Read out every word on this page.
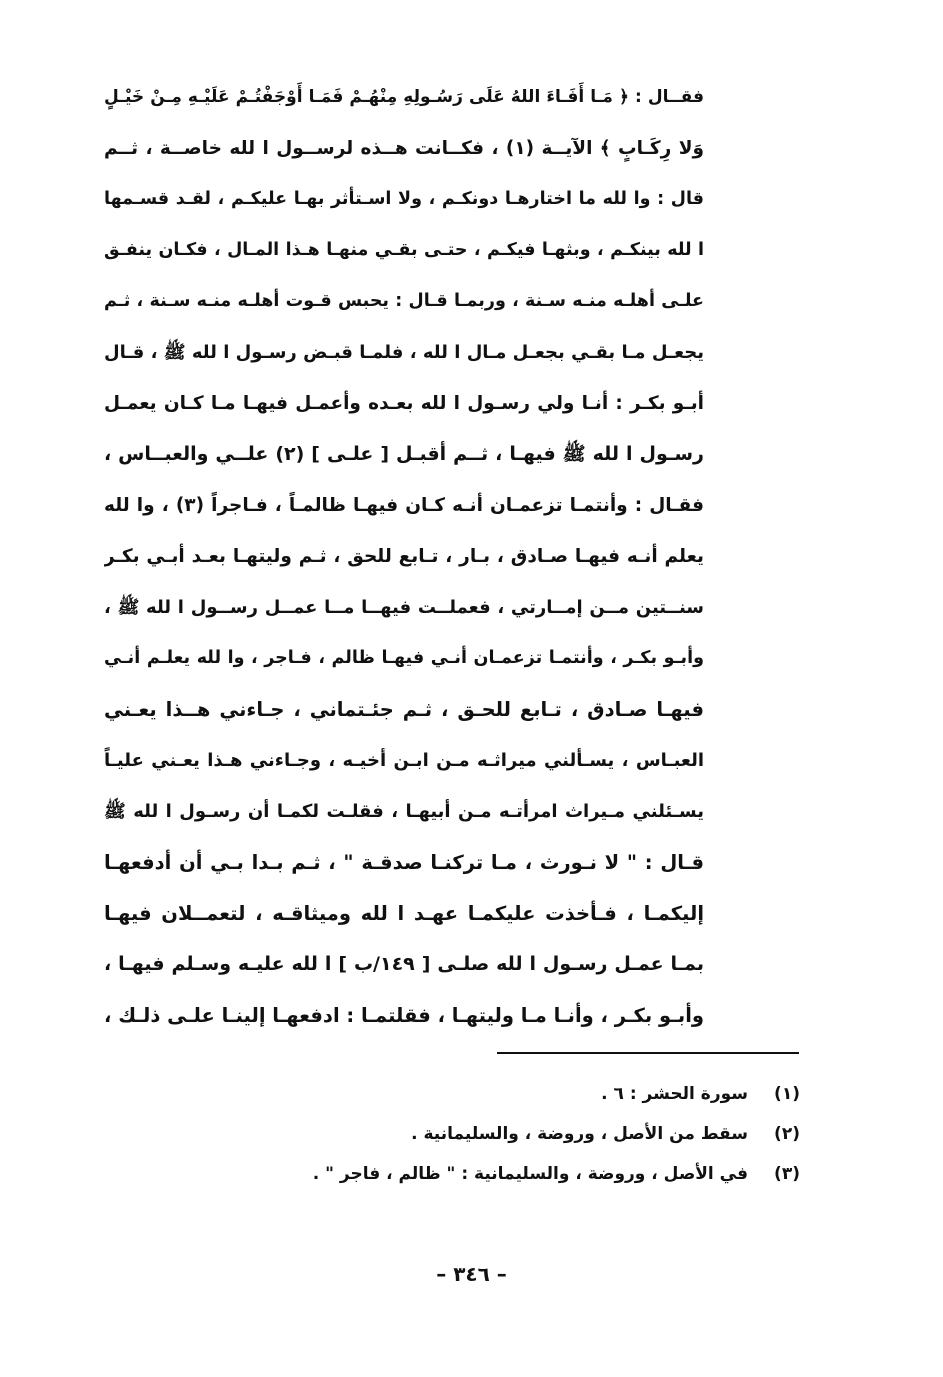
فقــال : ﴿ مَـا أَفَـاءَ اللهُ عَلَى رَسُـولِهِ مِنْهُـمْ فَمَـا أَوْجَفْتُـمْ عَلَيْـهِ مِـنْ خَيْـلٍ
وَلا رِكَـابٍ ﴾ الآيــة (١) ، فكــانت هــذه لرســول ا لله خاصــة ، ثــم
قال : وا لله ما اختارهـا دونكـم ، ولا اسـتأثر بهـا عليكـم ، لقـد قسـمها
ا لله بينكـم ، وبثهـا فيكـم ، حتـى بقـي منهـا هـذا المـال ، فكـان ينفـق
علـى أهلـه منـه سـنة ، وربمـا قـال : يحبس قـوت أهلـه منـه سـنة ، ثـم
يجعـل مـا بقـي بجعـل مـال ا لله ، فلمـا قبـض رسـول ا لله ﷺ ، قـال
أبـو بكـر : أنـا ولي رسـول ا لله بعـده وأعمـل فيهـا مـا كـان يعمـل
رسـول ا لله ﷺ فيهـا ، ثــم أقبـل [ علـى ] (٢) علــي والعبــاس ،
فقـال : وأنتمـا تزعمـان أنـه كـان فيهـا ظالمـاً ، فـاجراً (٣) ، وا لله
يعلم أنـه فيهـا صـادق ، بـار ، تـابع للحق ، ثـم وليتهـا بعـد أبـي بكـر
سنــتين مــن إمــارتي ، فعملــت فيهــا مــا عمــل رســول ا لله ﷺ ،
وأبـو بكـر ، وأنتمـا تزعمـان أنـي فيهـا ظالم ، فـاجر ، وا لله يعلـم أنـي
فيهـا صـادق ، تـابع للحـق ، ثـم جئـتماني ، جـاءني هــذا يعـني
العبـاس ، يسـألني ميراثـه مـن ابـن أخيـه ، وجـاءني هـذا يعـني عليـاً
يسـئلني مـيراث امرأتـه مـن أبيهـا ، فقلـت لكمـا أن رسـول ا لله ﷺ
قـال : " لا نـورث ، مـا تركنـا صدقـة " ، ثـم بـدا بـي أن أدفعهـا
إليكمـا ، فـأخذت عليكمـا عهـد ا لله وميثاقـه ، لتعمــلان فيهـا
بمـا عمـل رسـول ا لله صلـى [ ١٤٩/ب ] ا لله عليـه وسـلم فيهـا ،
وأبـو بكـر ، وأنـا مـا وليتهـا ، فقلتمـا : ادفعهـا إلينـا علـى ذلـك ،
(١)
سورة الحشر : ٦ .
(٢)
سقط من الأصل ، وروضة ، والسليمانية .
(٣)
في الأصل ، وروضة ، والسليمانية : " ظالم ، فاجر " .
– ٣٤٦ –
